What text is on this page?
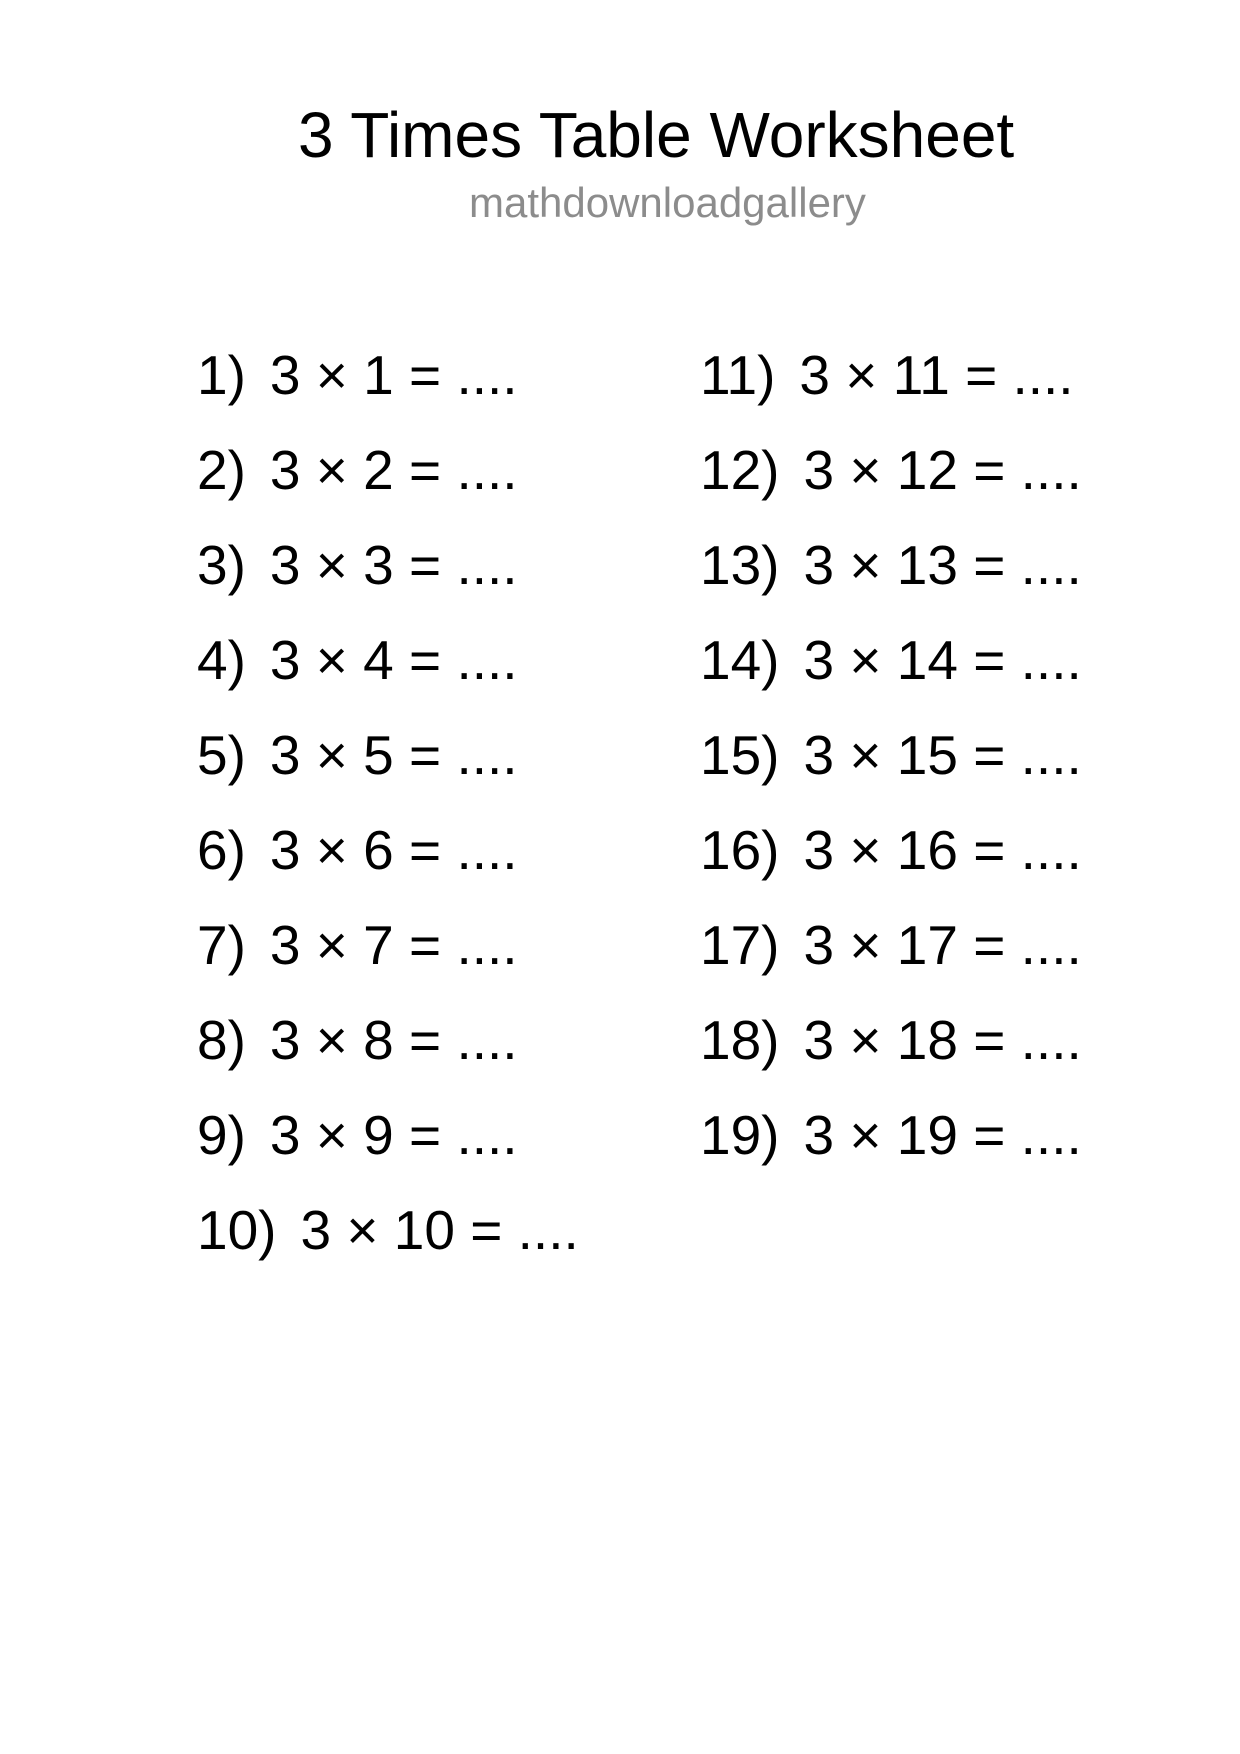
3 Times Table Worksheet
mathdownloadgallery
1) 3 × 1 = ....
2) 3 × 2 = ....
3) 3 × 3 = ....
4) 3 × 4 = ....
5) 3 × 5 = ....
6) 3 × 6 = ....
7) 3 × 7 = ....
8) 3 × 8 = ....
9) 3 × 9 = ....
10) 3 × 10 = ....
11) 3 × 11 = ....
12) 3 × 12 = ....
13) 3 × 13 = ....
14) 3 × 14 = ....
15) 3 × 15 = ....
16) 3 × 16 = ....
17) 3 × 17 = ....
18) 3 × 18 = ....
19) 3 × 19 = ....
